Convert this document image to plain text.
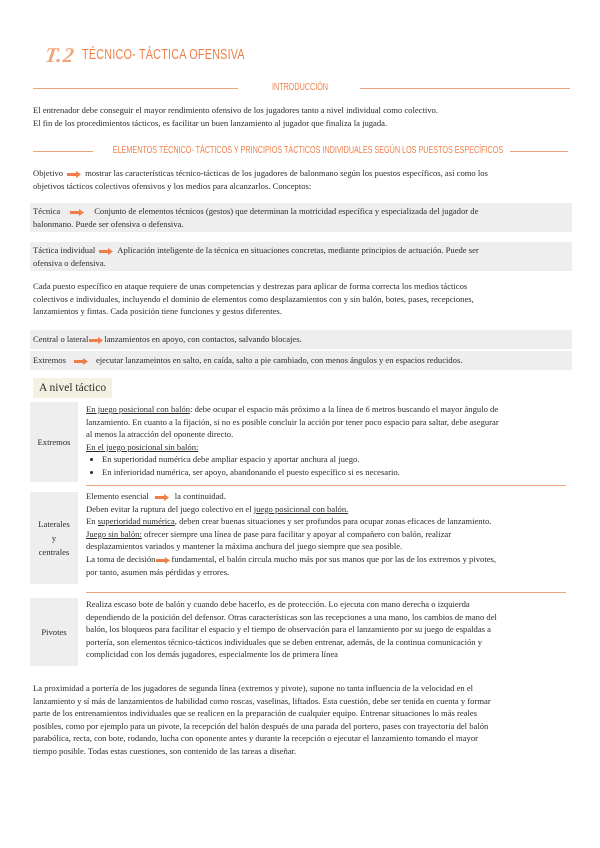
T.2 TÉCNICO- TÁCTICA OFENSIVA
INTRODUCCIÓN
El entrenador debe conseguir el mayor rendimiento ofensivo de los jugadores tanto a nivel individual como colectivo.
El fin de los procedimientos tácticos, es facilitar un buen lanzamiento al jugador que finaliza la jugada.
ELEMENTOS TÉCNICO- TÁCTICOS Y PRINCIPIOS TÁCTICOS INDIVIDUALES SEGÚN LOS PUESTOS ESPECÍFICOS
Objetivo	mostrar las características técnico-tácticas de los jugadores de balonmano según los puestos específicos, así como los
objetivos tácticos colectivos ofensivos y los medios para alcanzarlos. Conceptos:
Técnica	Conjunto de elementos técnicos (gestos) que determinan la motricidad específica y especializada del jugador de
balonmano. Puede ser ofensiva o defensiva.
Táctica individual	Aplicación inteligente de la técnica en situaciones concretas, mediante principios de actuación. Puede ser
ofensiva o defensiva.
Cada puesto específico en ataque requiere de unas competencias y destrezas para aplicar de forma correcta los medios tácticos
colectivos e individuales, incluyendo el dominio de elementos como desplazamientos con y sin balón, botes, pases, recepciones,
lanzamientos y fintas. Cada posición tiene funciones y gestos diferentes.
Central o lateral lanzamientos en apoyo, con contactos, salvando blocajes.
Extremos	ejecutar lanzameintos en salto, en caída, salto a pie cambiado, con menos ángulos y en espacios reducidos.
A nivel táctico
Extremos
En juego posicional con balón: debe ocupar el espacio más próximo a la línea de 6 metros buscando el mayor ángulo de
lanzamiento. En cuanto a la fijación, si no es posible concluir la acción por tener poco espacio para saltar, debe asegurar
al menos la atracción del oponente directo.
En el juego posicional sin balón:
• En superioridad numérica debe ampliar espacio y aportar anchura al juego.
• En inferioridad numérica, ser apoyo, abandonando el puesto específico si es necesario.
Laterales
y
centrales
Elemento esencial	la continuidad.
Deben evitar la ruptura del juego colectivo en el juego posicional con balón.
En superioridad numérica, deben crear buenas situaciones y ser profundos para ocupar zonas eficaces de lanzamiento.
Juego sin balón: ofrecer siempre una línea de pase para facilitar y apoyar al compañero con balón, realizar
desplazamientos variados y mantener la máxima anchura del juego siempre que sea posible.
La toma de decisión fundamental, el balón circula mucho más por sus manos que por las de los extremos y pivotes,
por tanto, asumen más pérdidas y errores.
Pivotes
Realiza escaso bote de balón y cuando debe hacerlo, es de protección. Lo ejecuta con mano derecha o izquierda
dependiendo de la posición del defensor. Otras características son las recepciones a una mano, los cambios de mano del
balón, los bloqueos para facilitar el espacio y el tiempo de observación para el lanzamiento por su juego de espaldas a
portería, son elementos técnico-tácticos individuales que se deben entrenar, además, de la continua comunicación y
complicidad con los demás jugadores, especialmente los de primera línea
La proximidad a portería de los jugadores de segunda línea (extremos y pivote), supone no tanta influencia de la velocidad en el
lanzamiento y sí más de lanzamientos de habilidad como roscas, vaselinas, liftados. Esta cuestión, debe ser tenida en cuenta y formar
parte de los entrenamientos individuales que se realicen en la preparación de cualquier equipo. Entrenar situaciones lo más reales
posibles, como por ejemplo para un pivote, la recepción del balón después de una parada del portero, pases con trayectoria del balón
parabólica, recta, con bote, rodando, lucha con oponente antes y durante la recepción o ejecutar el lanzamiento tomando el mayor
tiempo posible. Todas estas cuestiones, son contenido de las tareas a diseñar.
